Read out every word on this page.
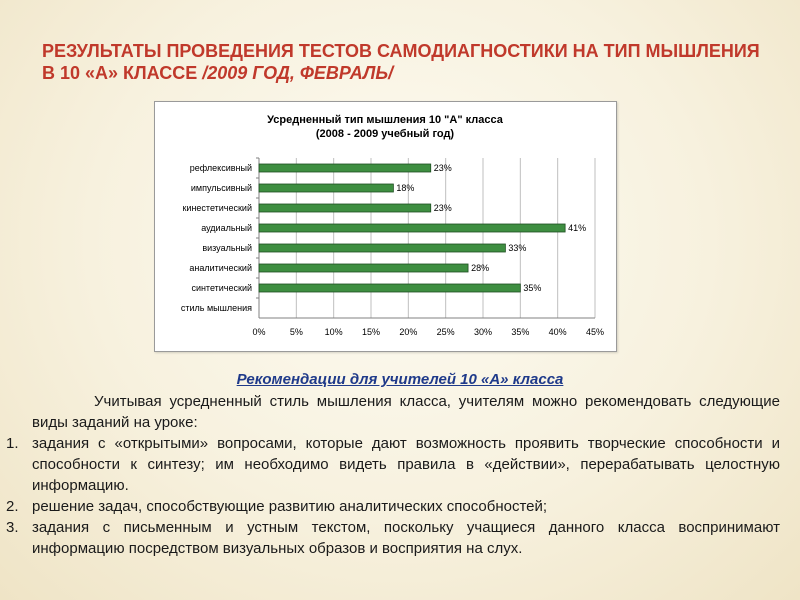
РЕЗУЛЬТАТЫ ПРОВЕДЕНИЯ ТЕСТОВ САМОДИАГНОСТИКИ НА ТИП МЫШЛЕНИЯ
В 10 «А» КЛАССЕ /2009 ГОД, ФЕВРАЛЬ/
Усредненный тип мышления 10 "А" класса
(2008 - 2009 учебный год)
рефлексивный
импульсивный
кинестетический
аудиальный
визуальный
аналитический
синтетический
стиль мышления
0%	5% 10% 15% 20% 25% 30% 35% 40% 45%
23%
18%
23%
41%
33%
28%
35%
Рекомендации для учителей 10 «А» класса

Учитывая усредненный стиль мышления класса, учителям можно рекомендовать следующие виды заданий на уроке:

задания с «открытыми» вопросами, которые дают возможность проявить творческие способности и способности к синтезу; им необходимо видеть правила в «действии», перерабатывать целостную информацию.
решение задач, способствующие развитию аналитических способностей;
задания с письменным и устным текстом, поскольку учащиеся данного класса воспринимают информацию посредством визуальных образов и восприятия на слух.
